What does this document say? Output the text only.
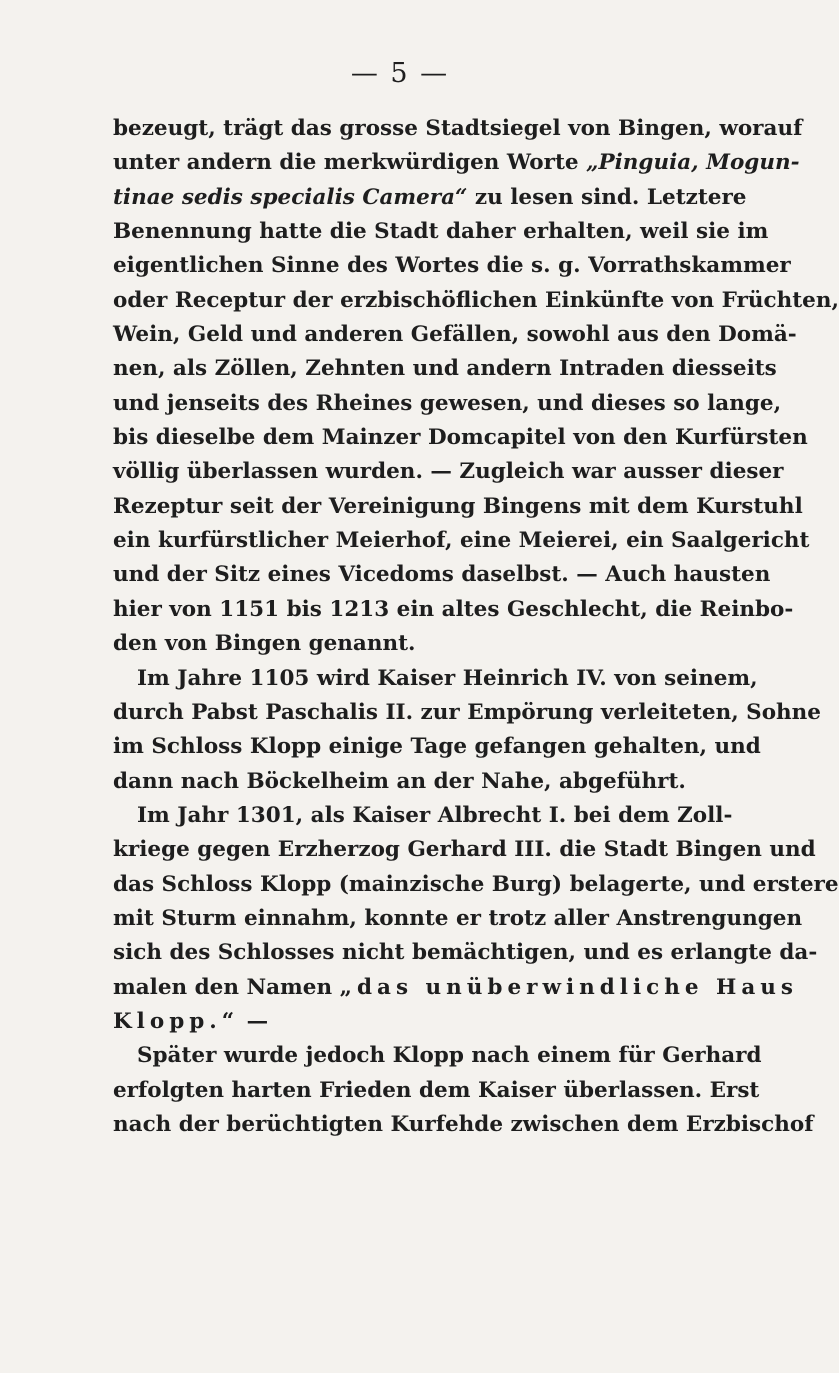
— 5 —
bezeugt, trägt das grosse Stadtsiegel von Bingen, worauf
unter andern die merkwürdigen Worte „Pinguia, Mogun-
tinae sedis specialis Camera“ zu lesen sind. Letztere
Benennung hatte die Stadt daher erhalten, weil sie im
eigentlichen Sinne des Wortes die s. g. Vorrathskammer
oder Receptur der erzbischöflichen Einkünfte von Früchten,
Wein, Geld und anderen Gefällen, sowohl aus den Domä-
nen, als Zöllen, Zehnten und andern Intraden diesseits
und jenseits des Rheines gewesen, und dieses so lange,
bis dieselbe dem Mainzer Domcapitel von den Kurfürsten
völlig überlassen wurden. — Zugleich war ausser dieser
Rezeptur seit der Vereinigung Bingens mit dem Kurstuhl
ein kurfürstlicher Meierhof, eine Meierei, ein Saalgericht
und der Sitz eines Vicedoms daselbst. — Auch hausten
hier von 1151 bis 1213 ein altes Geschlecht, die Reinbo-
den von Bingen genannt.
Im Jahre 1105 wird Kaiser Heinrich IV. von seinem,
durch Pabst Paschalis II. zur Empörung verleiteten, Sohne
im Schloss Klopp einige Tage gefangen gehalten, und
dann nach Böckelheim an der Nahe, abgeführt.
Im Jahr 1301, als Kaiser Albrecht I. bei dem Zoll-
kriege gegen Erzherzog Gerhard III. die Stadt Bingen und
das Schloss Klopp (mainzische Burg) belagerte, und erstere
mit Sturm einnahm, konnte er trotz aller Anstrengungen
sich des Schlosses nicht bemächtigen, und es erlangte da-
malen den Namen „das unüberwindliche Haus
Klopp.“ —
Später wurde jedoch Klopp nach einem für Gerhard
erfolgten harten Frieden dem Kaiser überlassen. Erst
nach der berüchtigten Kurfehde zwischen dem Erzbischof
